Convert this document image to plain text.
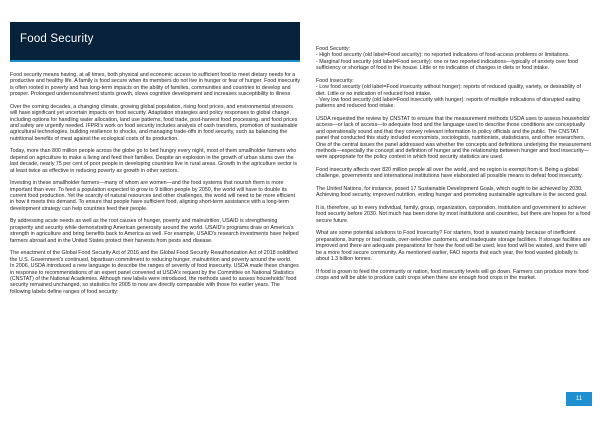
Food Security

Food security means having, at all times, both physical and economic access to sufficient food to meet dietary needs for a productive and healthy life. A family is food secure when its members do not live in hunger or fear of hunger. Food insecurity is often rooted in poverty and has long-term impacts on the ability of families, communities and countries to develop and prosper. Prolonged undernourishment stunts growth, slows cognitive development and increases susceptibility to illness

Over the coming decades, a changing climate, growing global population, rising food prices, and environmental stressors will have significant yet uncertain impacts on food security. Adaptation strategies and policy responses to global change, including options for handling water allocation, land use patterns, food trade, post-harvest food processing, and food prices and safety are urgently needed. IFPRI's work on food security includes analysis of cash transfers, promotion of sustainable agricultural technologies, building resilience to shocks, and managing trade-offs in food security, such as balancing the nutritional benefits of meat against the ecological costs of its production.

Today, more than 800 million people across the globe go to bed hungry every night, most of them smallholder farmers who depend on agriculture to make a living and feed their families. Despite an explosion in the growth of urban slums over the last decade, nearly 75 per cent of poor people in developing countries live in rural areas. Growth in the agriculture sector is at least twice as effective in reducing poverty as growth in other sectors.

Investing in these smallholder farmers—many of whom are women—and the food systems that nourish them is more important than ever. To feed a population expected to grow to 9 billion people by 2050, the world will have to double its current food production. Yet the scarcity of natural resources and other challenges, the world will need to be more efficient in how it meets this demand. To ensure that people have sufficient food, aligning short-term assistance with a long-term development strategy can help countries feed their people.

By addressing acute needs as well as the root causes of hunger, poverty and malnutrition, USAID is strengthening prosperity and security while demonstrating American generosity around the world. USAID's programs draw on America's strength in agriculture and bring benefits back to America as well. For example, USAID's research investments have helped farmers abroad and in the United States protect their harvests from pests and disease.

The enactment of the Global Food Security Act of 2016 and the Global Food Security Reauthorization Act of 2018 solidified the U.S. Government's continued, bipartisan commitment to reducing hunger, malnutrition and poverty around the world.
In 2006, USDA introduced a new language to describe the ranges of severity of food insecurity. USDA made these changes in response to recommendations of an expert panel convened at USDA's request by the Committee on National Statistics (CNSTAT) of the National Academies. Although new labels were introduced, the methods used to assess households' food security remained unchanged, so statistics for 2005 to now are directly comparable with those for earlier years. The following labels define ranges of food security:

Food Security:
- High food security (old label=Food security): no reported indications of food-access problems or limitations.
- Marginal food security (old label=Food security): one or two reported indications—typically of anxiety over food sufficiency or shortage of food in the house. Little or no indication of changes in diets or food intake.

Food Insecurity:
- Low food security (old label=Food insecurity without hunger): reports of reduced quality, variety, or desirability of diet. Little or no indication of reduced food intake.
- Very low food security (old label=Food insecurity with hunger): reports of multiple indications of disrupted eating patterns and reduced food intake.

USDA requested the review by CNSTAT to ensure that the measurement methods USDA uses to assess households' access—or lack of access—to adequate food and the language used to describe those conditions are conceptually and operationally sound and that they convey relevant information to policy officials and the public. The CNSTAT panel that conducted this study included economists, sociologists, nutritionists, statisticians, and other researchers. One of the central issues the panel addressed was whether the concepts and definitions underlying the measurement methods—especially the concept and definition of hunger and the relationship between hunger and food insecurity—were appropriate for the policy context in which food security statistics are used.

Food insecurity affects over 820 million people all over the world, and no region is exempt from it. Being a global challenge, governments and international institutions have elaborated all possible means to defeat food insecurity.

The United Nations, for instance, posed 17 Sustainable Development Goals, which ought to be achieved by 2030. Achieving food security, improved nutrition, ending hunger and promoting sustainable agriculture is the second goal.

It is, therefore, up to every individual, family, group, organization, corporation, institution and government to achieve food security before 2030. Not much has been done by most institutions and countries, but there are hopes for a food secure future.

What are some potential solutions to Food Insecurity? For starters, food is wasted mainly because of inefficient preparations, bumpy or bad roads, over-selective customers, and inadequate storage facilities. If storage facilities are improved and there are adequate preparations for how the food will be used, less food will be wasted, and there will be a more food secure community. As mentioned earlier, FAO reports that each year, the food wasted globally is about 1.3 billion tonnes.

If food is grown to feed the community or nation, food insecurity levels will go down. Farmers can produce more food crops and will be able to produce cash crops when there are enough food crops in the market.

11
